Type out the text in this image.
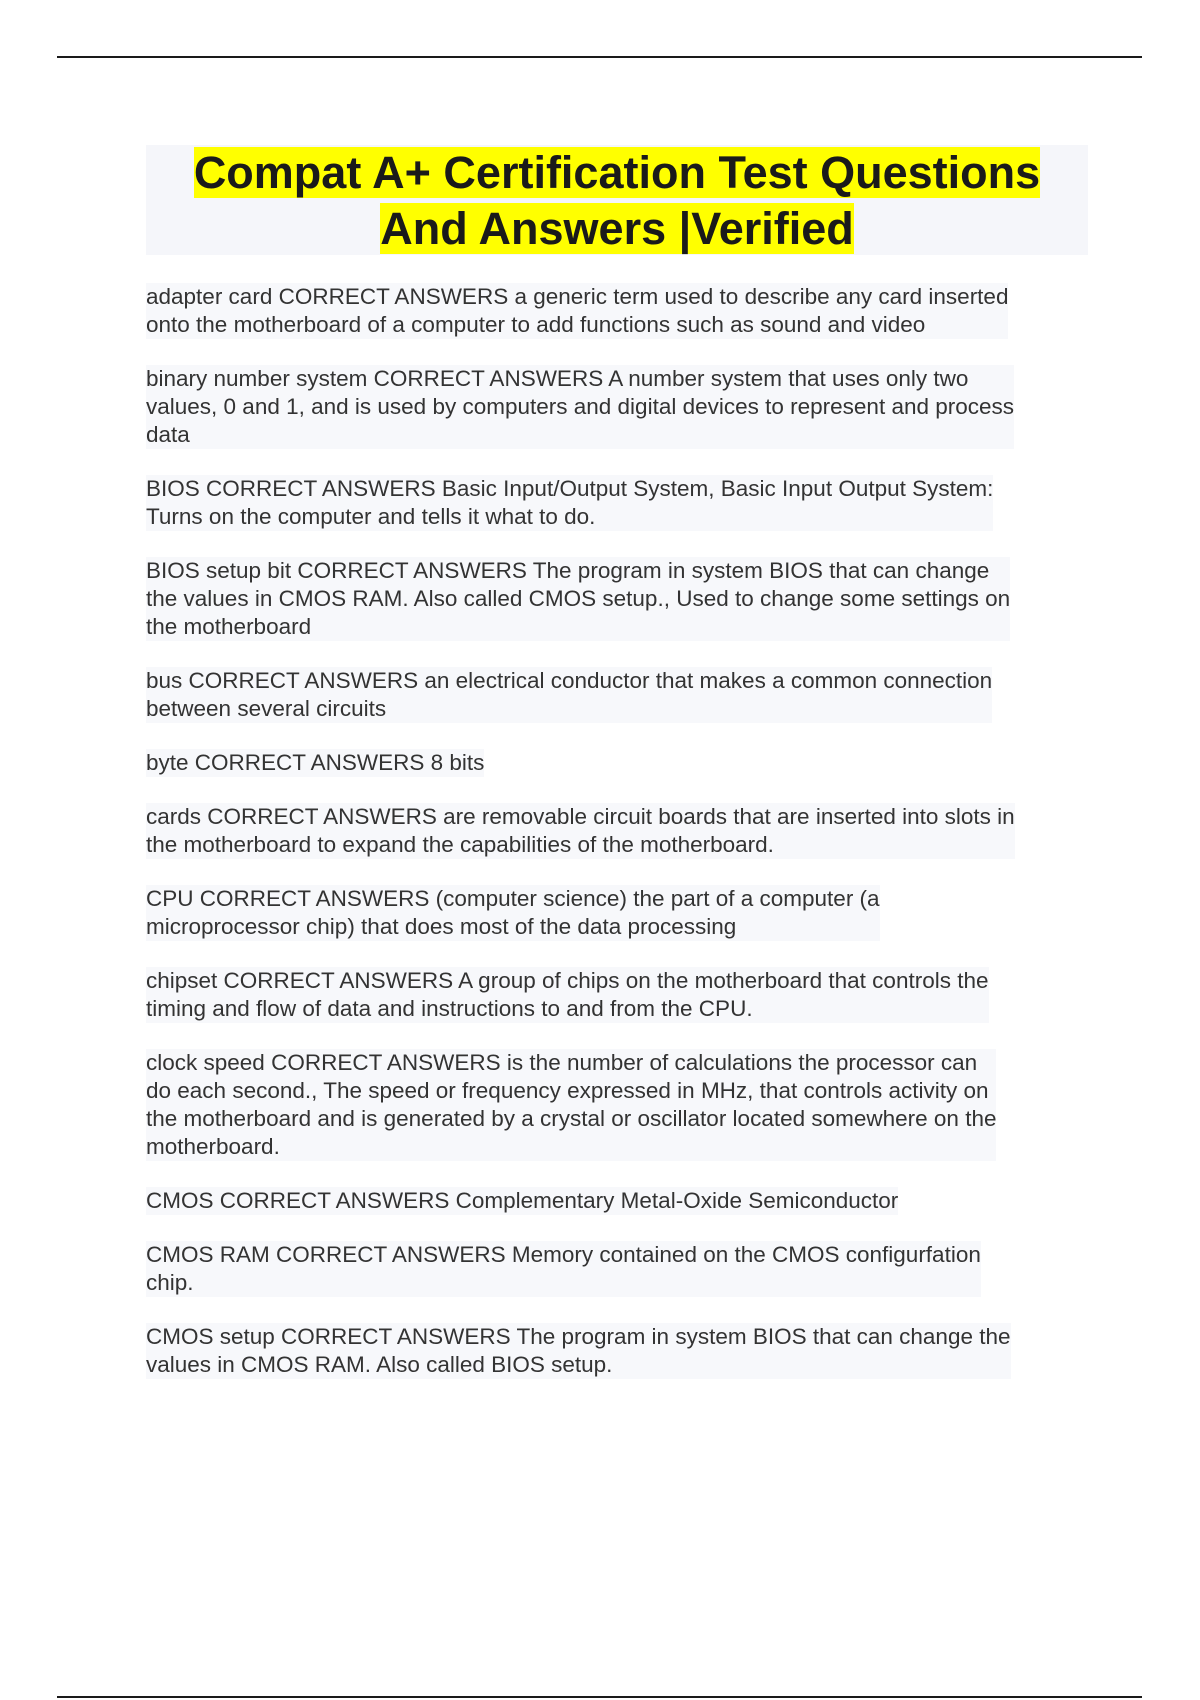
Compat A+ Certification Test Questions
And Answers |Verified
adapter card CORRECT ANSWERS a generic term used to describe any card inserted
onto the motherboard of a computer to add functions such as sound and video
binary number system CORRECT ANSWERS A number system that uses only two
values, 0 and 1, and is used by computers and digital devices to represent and process
data
BIOS CORRECT ANSWERS Basic Input/Output System, Basic Input Output System:
Turns on the computer and tells it what to do.
BIOS setup bit CORRECT ANSWERS The program in system BIOS that can change
the values in CMOS RAM. Also called CMOS setup., Used to change some settings on
the motherboard
bus CORRECT ANSWERS an electrical conductor that makes a common connection
between several circuits
byte CORRECT ANSWERS 8 bits
cards CORRECT ANSWERS are removable circuit boards that are inserted into slots in
the motherboard to expand the capabilities of the motherboard.
CPU CORRECT ANSWERS (computer science) the part of a computer (a
microprocessor chip) that does most of the data processing
chipset CORRECT ANSWERS A group of chips on the motherboard that controls the
timing and flow of data and instructions to and from the CPU.
clock speed CORRECT ANSWERS is the number of calculations the processor can
do each second., The speed or frequency expressed in MHz, that controls activity on
the motherboard and is generated by a crystal or oscillator located somewhere on the
motherboard.
CMOS CORRECT ANSWERS Complementary Metal-Oxide Semiconductor
CMOS RAM CORRECT ANSWERS Memory contained on the CMOS configurfation
chip.
CMOS setup CORRECT ANSWERS The program in system BIOS that can change the
values in CMOS RAM. Also called BIOS setup.
